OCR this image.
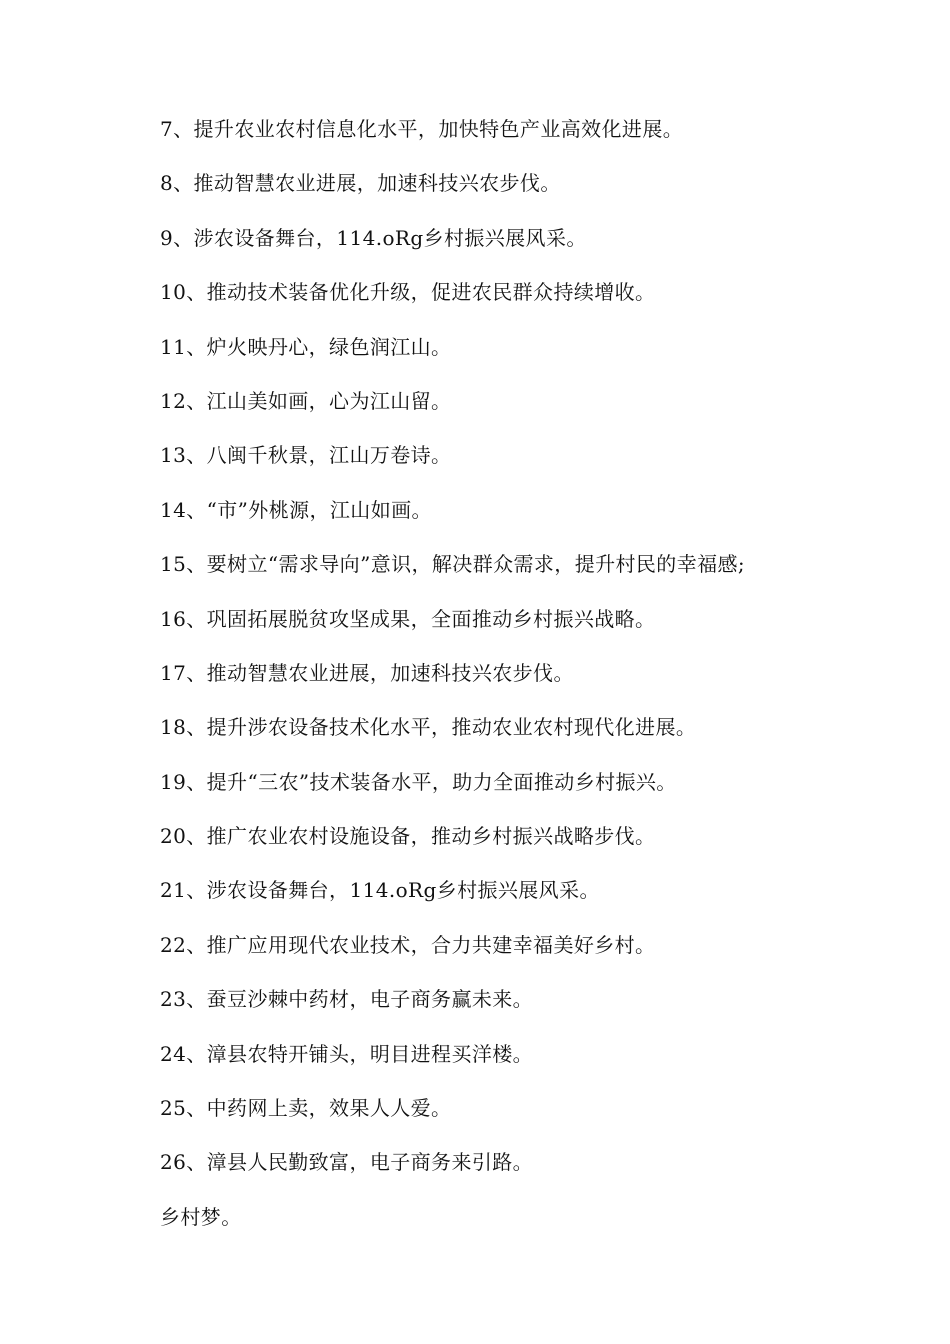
7、提升农业农村信息化水平，加快特色产业高效化进展。
8、推动智慧农业进展，加速科技兴农步伐。
9、涉农设备舞台，114.oRg乡村振兴展风采。
10、推动技术装备优化升级，促进农民群众持续增收。
11、炉火映丹心，绿色润江山。
12、江山美如画，心为江山留。
13、八闽千秋景，江山万卷诗。
14、“市”外桃源，江山如画。
15、要树立“需求导向”意识，解决群众需求，提升村民的幸福感;
16、巩固拓展脱贫攻坚成果，全面推动乡村振兴战略。
17、推动智慧农业进展，加速科技兴农步伐。
18、提升涉农设备技术化水平，推动农业农村现代化进展。
19、提升“三农”技术装备水平，助力全面推动乡村振兴。
20、推广农业农村设施设备，推动乡村振兴战略步伐。
21、涉农设备舞台，114.oRg乡村振兴展风采。
22、推广应用现代农业技术，合力共建幸福美好乡村。
23、蚕豆沙棘中药材，电子商务赢未来。
24、漳县农特开铺头，明目进程买洋楼。
25、中药网上卖，效果人人爱。
26、漳县人民勤致富，电子商务来引路。
乡村梦。
